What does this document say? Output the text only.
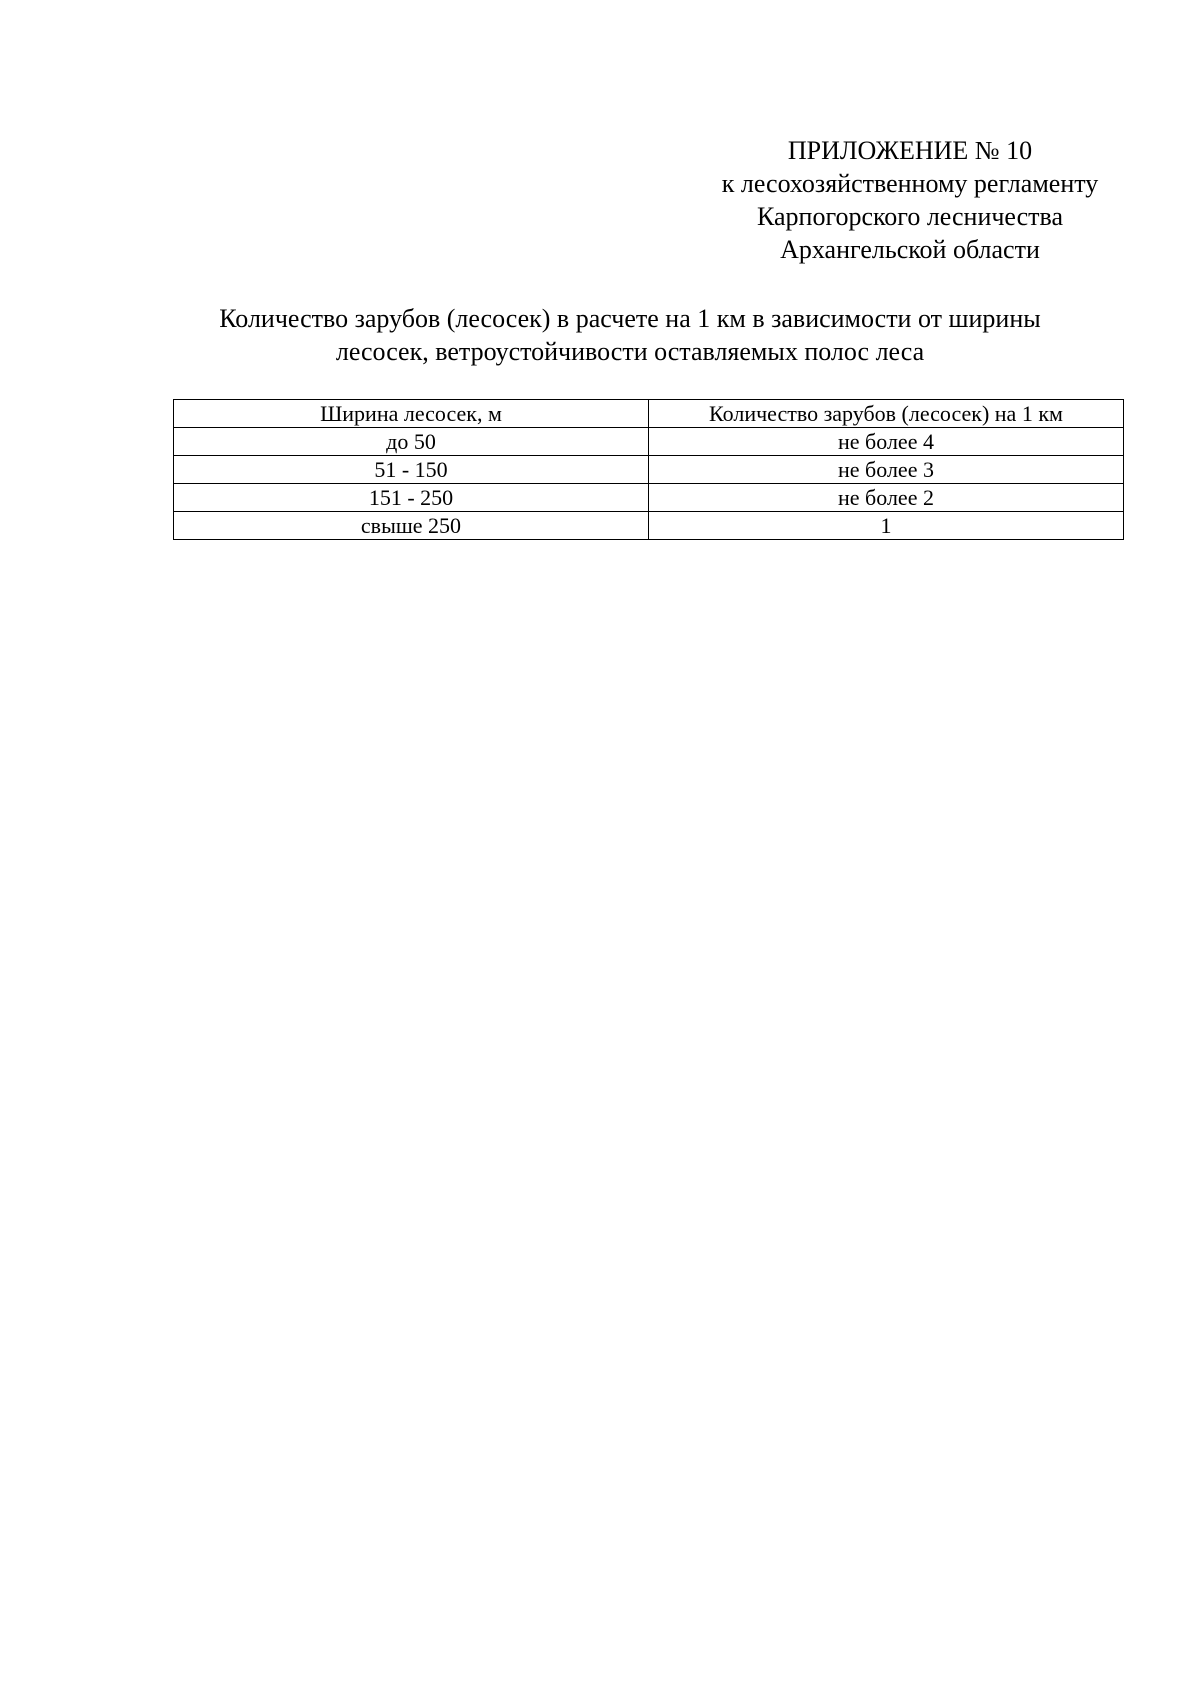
ПРИЛОЖЕНИЕ № 10
к лесохозяйственному регламенту
Карпогорского лесничества
Архангельской области
Количество зарубов (лесосек) в расчете на 1 км в зависимости от ширины
лесосек, ветроустойчивости оставляемых полос леса
Ширина лесосек, м	Количество зарубов (лесосек) на 1 км
до 50	не более 4
51 - 150	не более 3
151 - 250	не более 2
свыше 250	1
